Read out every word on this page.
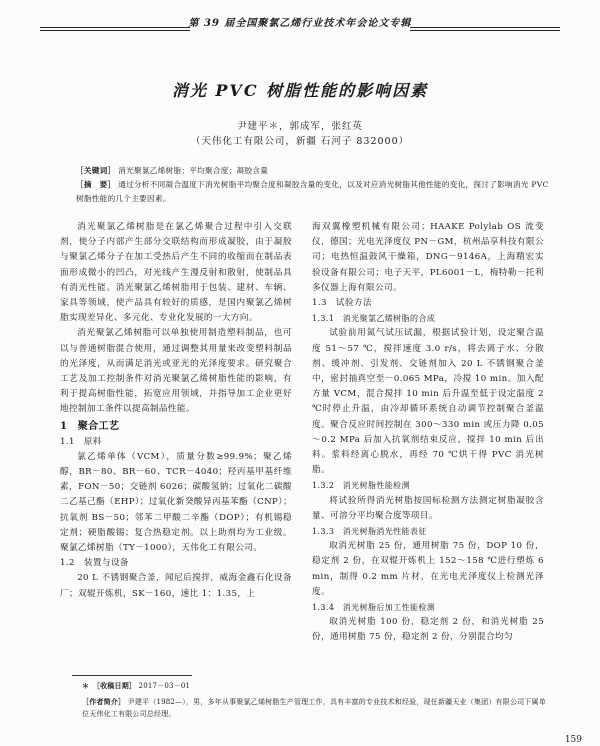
第 39 届全国聚氯乙烯行业技术年会论文专辑
消光 PVC 树脂性能的影响因素
尹建平＊，郭成军，张红英
（天伟化工有限公司，新疆 石河子 832000）
［关键词］ 消光聚氯乙烯树脂；平均聚合度；凝胶含量
［摘　要］ 通过分析不同凝合温度下消光树脂平均聚合度和凝胶含量的变化，以及对应消光树脂其他性能的变化，探讨了影响消光 PVC 树脂性能的几个主要因素。

消光聚氯乙烯树脂是在氯乙烯聚合过程中引入交联剂，使分子内部产生部分交联结构而形成凝胶，由于凝胶与聚氯乙烯分子在加工受热后产生不同的收缩而在制品表面形成微小的凹凸，对光线产生漫反射和散射，使制品具有消光性能。消光聚氯乙烯树脂用于包装、建材、车辆、家具等领域，使产品具有较好的质感，是国内聚氯乙烯树脂实现差异化、多元化、专业化发展的一大方向。

消光聚氯乙烯树脂可以单独使用制造塑料制品，也可以与普通树脂混合使用，通过调整其用量来改变塑料制品的光泽度，从而满足消光或亚光的光泽度要求。研究聚合工艺及加工控制条件对消光聚氯乙烯树脂性能的影响，有利于提高树脂性能，拓宽应用领域，并指导加工企业更好地控制加工条件以提高制品性能。

1　聚合工艺
1.1　原料

氯乙烯单体（VCM），质量分数≥99.9%；聚乙烯醇，BR－80、BR－60、TCR－4040；羟丙基甲基纤维素，FON－50；交链剂 6026；碳酸氢钠；过氧化二碳酸二乙基己酯（EHP）；过氧化新癸酸异丙基苯酯（CNP）；抗氧剂 BS－50；邻苯二甲酸二辛酯（DOP）；有机锡稳定剂；硬脂酸锡；复合热稳定剂。以上助剂均为工业级。聚氯乙烯树脂（TY－1000），天伟化工有限公司。

1.2　装置与设备

20 L 不锈钢聚合釜，闻尼后搅拌，威海金鑫石化设备厂；双辊开炼机，SK－160，速比 1：1.35，上

海双翼橡塑机械有限公司；HAAKE Polylab OS 流变仪，德国；光电光泽度仪 PN－GM，杭州品享科技有限公司；电热恒温鼓风干燥箱，DNG－9146A，上海精宏实验设备有限公司；电子天平，PL6001－L，梅特勒－托利多仪器上海有限公司。
1.3　试验方法
1.3.1　消光聚氯乙烯树脂的合成

试验前用氮气试压试漏，根据试验计划，设定聚合温度 51～57 ℃，搅拌速度 3.0 r/s，将去离子水、分散剂、缓冲剂、引发剂、交链剂加入 20 L 不锈钢聚合釜中，密封抽真空至－0.065 MPa，冷搅 10 min。加入配方量 VCM，混合搅拌 10 min 后升温至低于设定温度 2 ℃时停止升温，由冷却循环系统自动调节控制聚合釜温度。聚合反应时间控制在 300～330 min 或压力降 0.05～0.2 MPa 后加入抗氧剂结束反应，搅拌 10 min 后出料。浆料经离心脱水，再经 70 ℃烘干得 PVC 消光树脂。

1.3.2　消光树脂性能检测

将试验所得消光树脂按国标检测方法测定树脂凝胶含量、可溶分平均聚合度等项目。

1.3.3　消光树脂消光性能表征

取消光树脂 25 份，通用树脂 75 份，DOP 10 份，稳定剂 2 份，在双辊开炼机上 152～158 ℃进行塑炼 6 min，制得 0.2 mm 片材，在光电光泽度仪上检测光泽度。

1.3.4　消光树脂后加工性能检测

取消光树脂 100 份，稳定剂 2 份，和消光树脂 25 份，通用树脂 75 份，稳定剂 2 份，分别混合均匀

＊　［收稿日期］ 2017－03－01
［作者简介］ 尹建平（1982—），男，多年从事聚氯乙烯树脂生产管理工作，具有丰富的专业技术和经验，现任新疆天业（集团）有限公司下属单位天伟化工有限公司总经理。
159
